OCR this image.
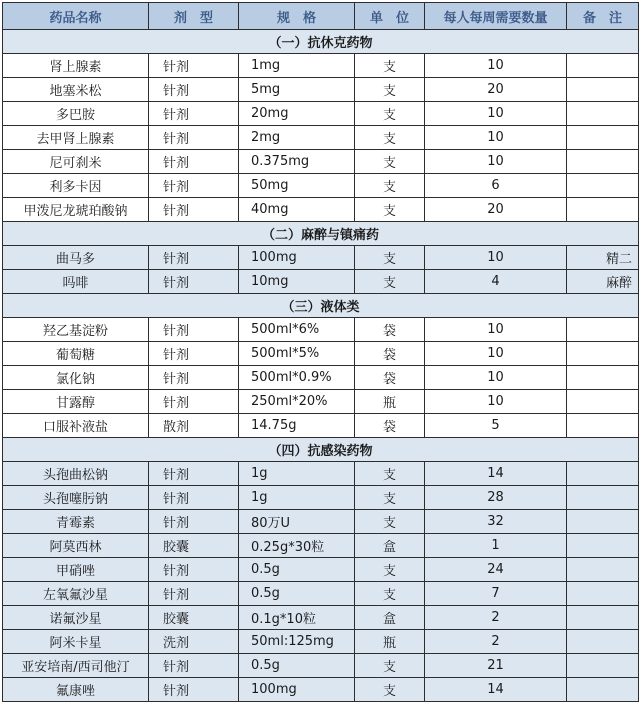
药品名称	剂　型	规　格	单　位	每人每周需要数量	备　注
（一）抗休克药物					
肾上腺素	针剂	1mg	支	10	
地塞米松	针剂	5mg	支	20	
多巴胺	针剂	20mg	支	10	
去甲肾上腺素	针剂	2mg	支	10	
尼可刹米	针剂	0.375mg	支	10	
利多卡因	针剂	50mg	支	6	
甲泼尼龙琥珀酸钠	针剂	40mg	支	20	
（二）麻醉与镇痛药					
曲马多	针剂	100mg	支	10	精二
吗啡	针剂	10mg	支	4	麻醉
（三）液体类					
羟乙基淀粉	针剂	500ml*6%	袋	10	
葡萄糖	针剂	500ml*5%	袋	10	
氯化钠	针剂	500ml*0.9%	袋	10	
甘露醇	针剂	250ml*20%	瓶	10	
口服补液盐	散剂	14.75g	袋	5	
（四）抗感染药物					
头孢曲松钠	针剂	1g	支	14	
头孢噻肟钠	针剂	1g	支	28	
青霉素	针剂	80万U	支	32	
阿莫西林	胶囊	0.25g*30粒	盒	1	
甲硝唑	针剂	0.5g	支	24	
左氧氟沙星	针剂	0.5g	支	7	
诺氟沙星	胶囊	0.1g*10粒	盒	2	
阿米卡星	洗剂	50ml:125mg	瓶	2	
亚安培南/西司他汀	针剂	0.5g	支	21	
氟康唑	针剂	100mg	支	14	
